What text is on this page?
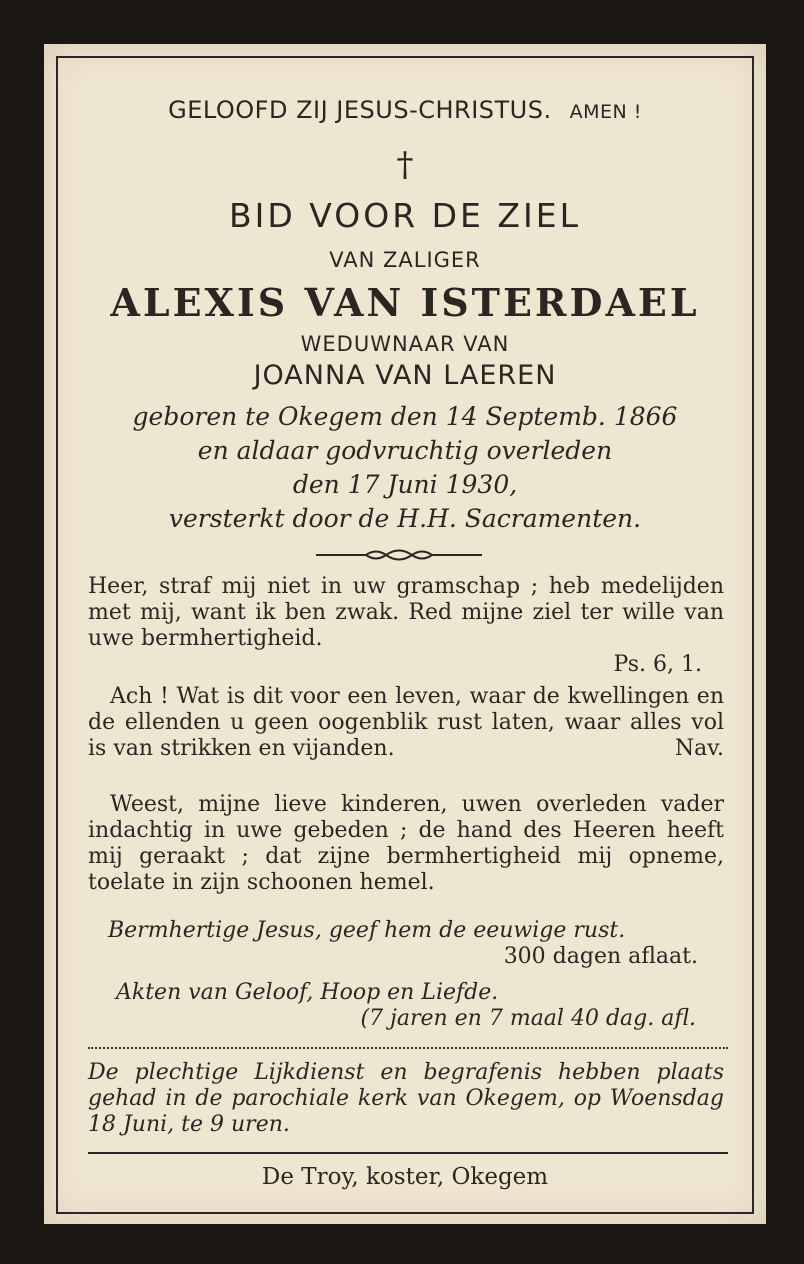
GELOOFD ZIJ JESUS-CHRISTUS. AMEN !
†
BID VOOR DE ZIEL
VAN ZALIGER
ALEXIS VAN ISTERDAEL
WEDUWNAAR VAN
JOANNA VAN LAEREN
geboren te Okegem den 14 Septemb. 1866
en aldaar godvruchtig overleden
den 17 Juni 1930,
versterkt door de H.H. Sacramenten.
Heer, straf mij niet in uw gramschap ; heb medelijden met mij, want ik ben zwak. Red mijne ziel ter wille van uwe bermhertigheid.
Ps. 6, 1.
Ach ! Wat is dit voor een leven, waar de kwellingen en de ellenden u geen oogenblik rust laten, waar alles vol is van strikken en vijanden.	Nav.
Weest, mijne lieve kinderen, uwen overleden vader indachtig in uwe gebeden ; de hand des Heeren heeft mij geraakt ; dat zijne bermhertigheid mij opneme, toelate in zijn schoonen hemel.
Bermhertige Jesus, geef hem de eeuwige rust.
300 dagen aflaat.
Akten van Geloof, Hoop en Liefde.
(7 jaren en 7 maal 40 dag. afl.
De plechtige Lijkdienst en begrafenis hebben plaats gehad in de parochiale kerk van Okegem, op Woensdag 18 Juni, te 9 uren.
De Troy, koster, Okegem
